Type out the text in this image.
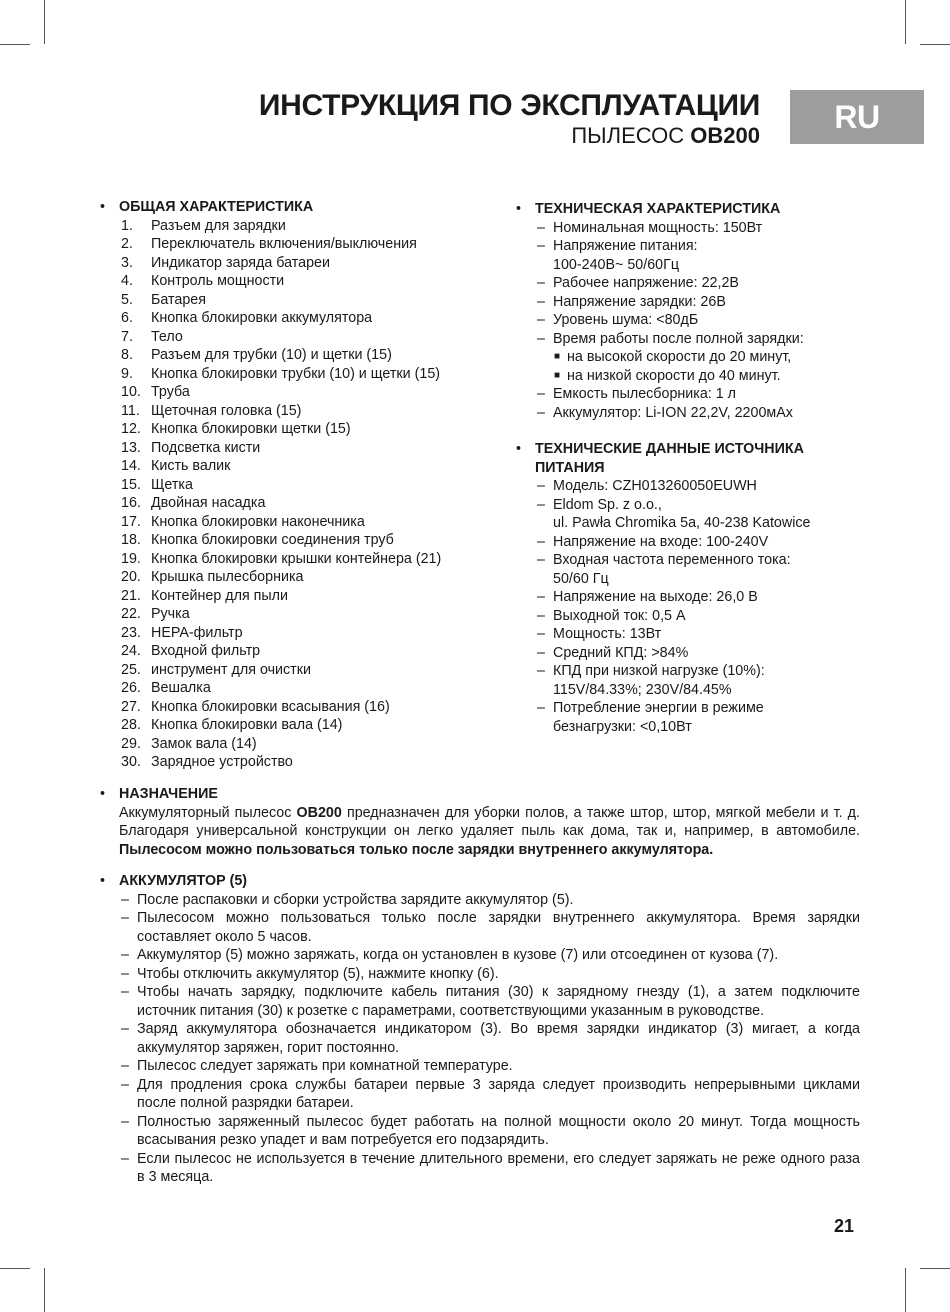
ИНСТРУКЦИЯ ПО ЭКСПЛУАТАЦИИ
ПЫЛЕСОС OB200
RU
• ОБЩАЯ ХАРАКТЕРИСТИКА
1. Разъем для зарядки
2. Переключатель включения/выключения
3. Индикатор заряда батареи
4. Контроль мощности
5. Батарея
6. Кнопка блокировки аккумулятора
7. Тело
8. Разъем для трубки (10) и щетки (15)
9. Кнопка блокировки трубки (10) и щетки (15)
10. Труба
11. Щеточная головка (15)
12. Кнопка блокировки щетки (15)
13. Подсветка кисти
14. Кисть валик
15. Щетка
16. Двойная насадка
17. Кнопка блокировки наконечника
18. Кнопка блокировки соединения труб
19. Кнопка блокировки крышки контейнера (21)
20. Крышка пылесборника
21. Контейнер для пыли
22. Ручка
23. HEPA-фильтр
24. Входной фильтр
25. инструмент для очистки
26. Вешалка
27. Кнопка блокировки всасывания (16)
28. Кнопка блокировки вала (14)
29. Замок вала (14)
30. Зарядное устройство
• ТЕХНИЧЕСКАЯ ХАРАКТЕРИСТИКА
– Номинальная мощность: 150Вт
– Напряжение питания:
100-240В~ 50/60Гц
– Рабочее напряжение: 22,2В
– Напряжение зарядки: 26В
– Уровень шума: <80дБ
– Время работы после полной зарядки:
■ на высокой скорости до 20 минут,
■ на низкой скорости до 40 минут.
– Емкость пылесборника: 1 л
– Аккумулятор: Li-ION 22,2V, 2200мАх
• ТЕХНИЧЕСКИЕ ДАННЫЕ ИСТОЧНИКА ПИТАНИЯ
– Модель: CZH013260050EUWH
– Eldom Sp. z o.o.,
ul. Pawła Chromika 5a, 40-238 Katowice
– Напряжение на входе: 100-240V
– Входная частота переменного тока:
50/60 Гц
– Напряжение на выходе: 26,0 В
– Выходной ток: 0,5 А
– Мощность: 13Вт
– Средний КПД: >84%
– КПД при низкой нагрузке (10%):
115V/84.33%; 230V/84.45%
– Потребление энергии в режиме
безнагрузки: <0,10Вт
• НАЗНАЧЕНИЕ
Аккумуляторный пылесос OB200 предназначен для уборки полов, а также штор, штор, мягкой мебели и т. д. Благодаря универсальной конструкции он легко удаляет пыль как дома, так и, например, в автомобиле. Пылесосом можно пользоваться только после зарядки внутреннего аккумулятора.
• АККУМУЛЯТОР (5)
– После распаковки и сборки устройства зарядите аккумулятор (5).
– Пылесосом можно пользоваться только после зарядки внутреннего аккумулятора. Время зарядки составляет около 5 часов.
– Аккумулятор (5) можно заряжать, когда он установлен в кузове (7) или отсоединен от кузова (7).
– Чтобы отключить аккумулятор (5), нажмите кнопку (6).
– Чтобы начать зарядку, подключите кабель питания (30) к зарядному гнезду (1), а затем подключите источник питания (30) к розетке с параметрами, соответствующими указанным в руководстве.
– Заряд аккумулятора обозначается индикатором (3). Во время зарядки индикатор (3) мигает, а когда аккумулятор заряжен, горит постоянно.
– Пылесос следует заряжать при комнатной температуре.
– Для продления срока службы батареи первые 3 заряда следует производить непрерывными циклами после полной разрядки батареи.
– Полностью заряженный пылесос будет работать на полной мощности около 20 минут. Тогда мощность всасывания резко упадет и вам потребуется его подзарядить.
– Если пылесос не используется в течение длительного времени, его следует заряжать не реже одного раза в 3 месяца.
21
